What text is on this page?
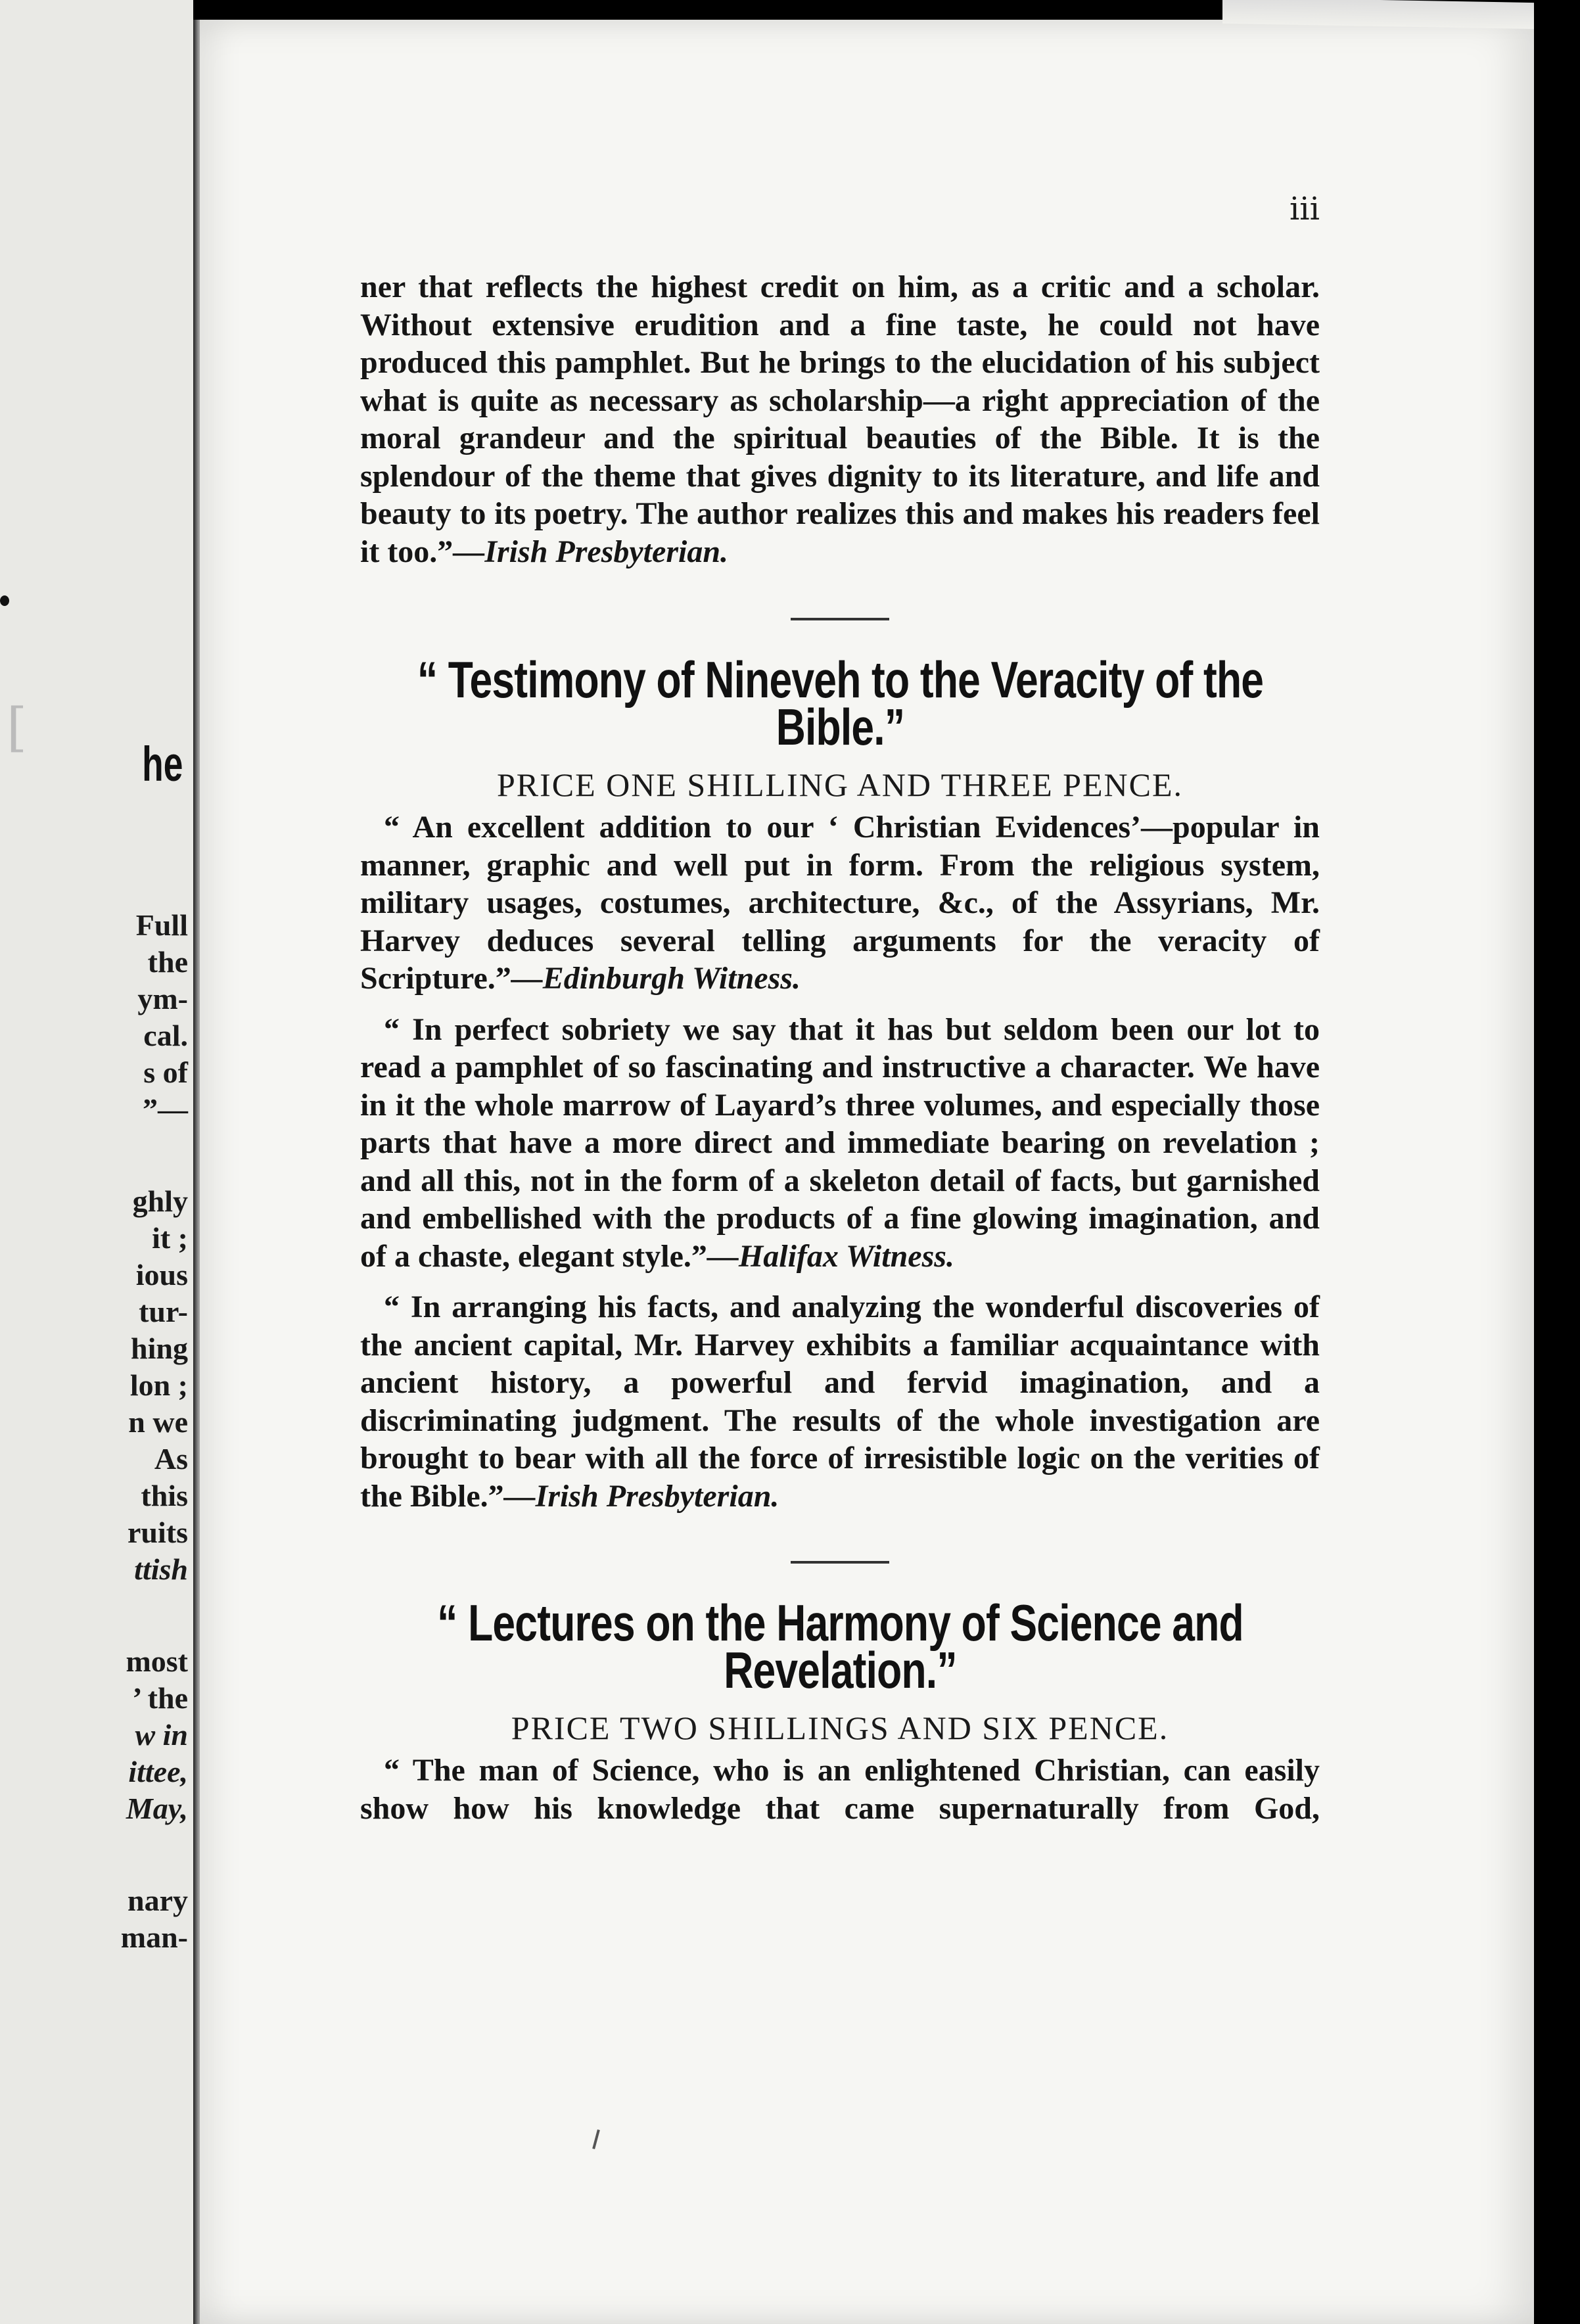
[
he
Full
the
ym-
cal.
s of
”—
ghly
it ;
ious
tur-
hing
lon ;
n we
As
this
ruits
ttish
most
’ the
w in
ittee,
May,
nary
man-
iii

ner that reflects the highest credit on him, as a critic and a scholar. Without extensive erudition and a fine taste, he could not have produced this pamphlet. But he brings to the elucidation of his subject what is quite as necessary as scholarship—a right appreciation of the moral grandeur and the spiritual beauties of the Bible. It is the splendour of the theme that gives dignity to its literature, and life and beauty to its poetry. The author realizes this and makes his readers feel it too.”—Irish Presbyterian.

“ Testimony of Nineveh to the Veracity of the Bible.”
PRICE ONE SHILLING AND THREE PENCE.

“ An excellent addition to our ‘ Christian Evidences’—popular in manner, graphic and well put in form. From the religious system, military usages, costumes, architecture, &c., of the Assyrians, Mr. Harvey deduces several telling arguments for the veracity of Scripture.”—Edinburgh Witness.

“ In perfect sobriety we say that it has but seldom been our lot to read a pamphlet of so fascinating and instructive a character. We have in it the whole marrow of Layard’s three volumes, and especially those parts that have a more direct and immediate bearing on revelation ; and all this, not in the form of a skeleton detail of facts, but garnished and embellished with the products of a fine glowing imagination, and of a chaste, elegant style.”—Halifax Witness.

“ In arranging his facts, and analyzing the wonderful discoveries of the ancient capital, Mr. Harvey exhibits a familiar acquaintance with ancient history, a powerful and fervid imagination, and a discriminating judgment. The results of the whole investigation are brought to bear with all the force of irresistible logic on the verities of the Bible.”—Irish Presbyterian.

“ Lectures on the Harmony of Science and Revelation.”
PRICE TWO SHILLINGS AND SIX PENCE.

“ The man of Science, who is an enlightened Christian, can easily show how his knowledge that came supernaturally from God,
